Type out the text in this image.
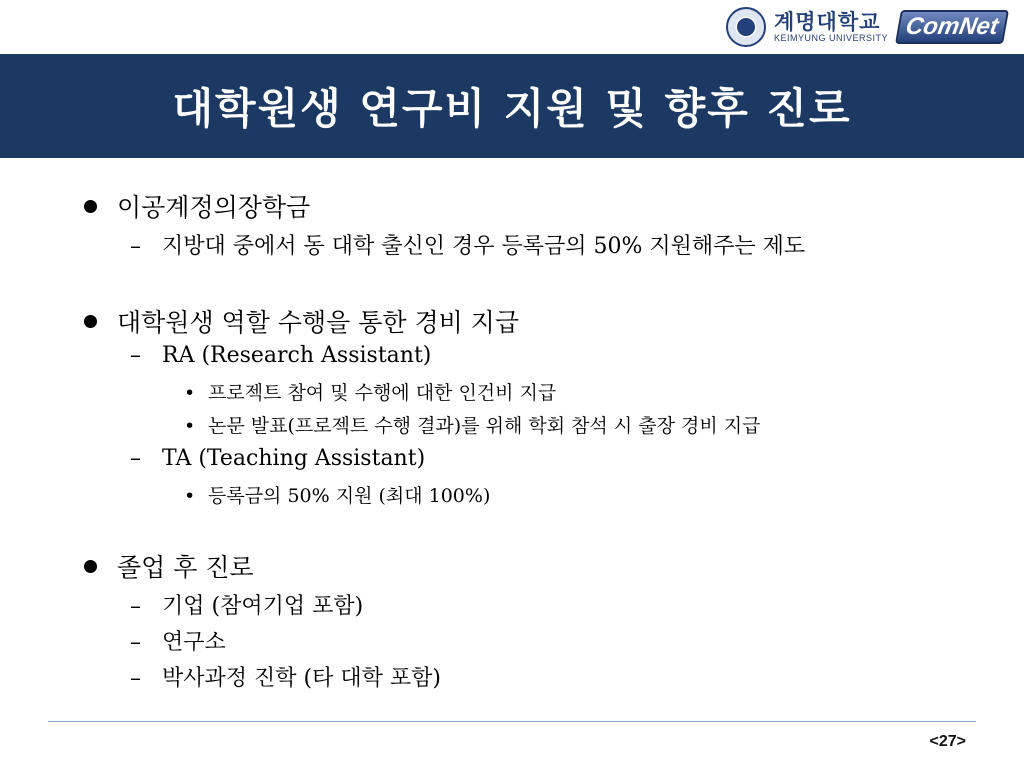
계명대학교
KEIMYUNG UNIVERSITY ComNet
대학원생 연구비 지원 및 향후 진로
이공계정의장학금
– 지방대 중에서 동 대학 출신인 경우 등록금의 50% 지원해주는 제도
대학원생 역할 수행을 통한 경비 지급
– RA (Research Assistant)
• 프로젝트 참여 및 수행에 대한 인건비 지급
• 논문 발표(프로젝트 수행 결과)를 위해 학회 참석 시 출장 경비 지급
– TA (Teaching Assistant)
• 등록금의 50% 지원 (최대 100%)
졸업 후 진로
– 기업 (참여기업 포함)
– 연구소
– 박사과정 진학 (타 대학 포함)
<27>
